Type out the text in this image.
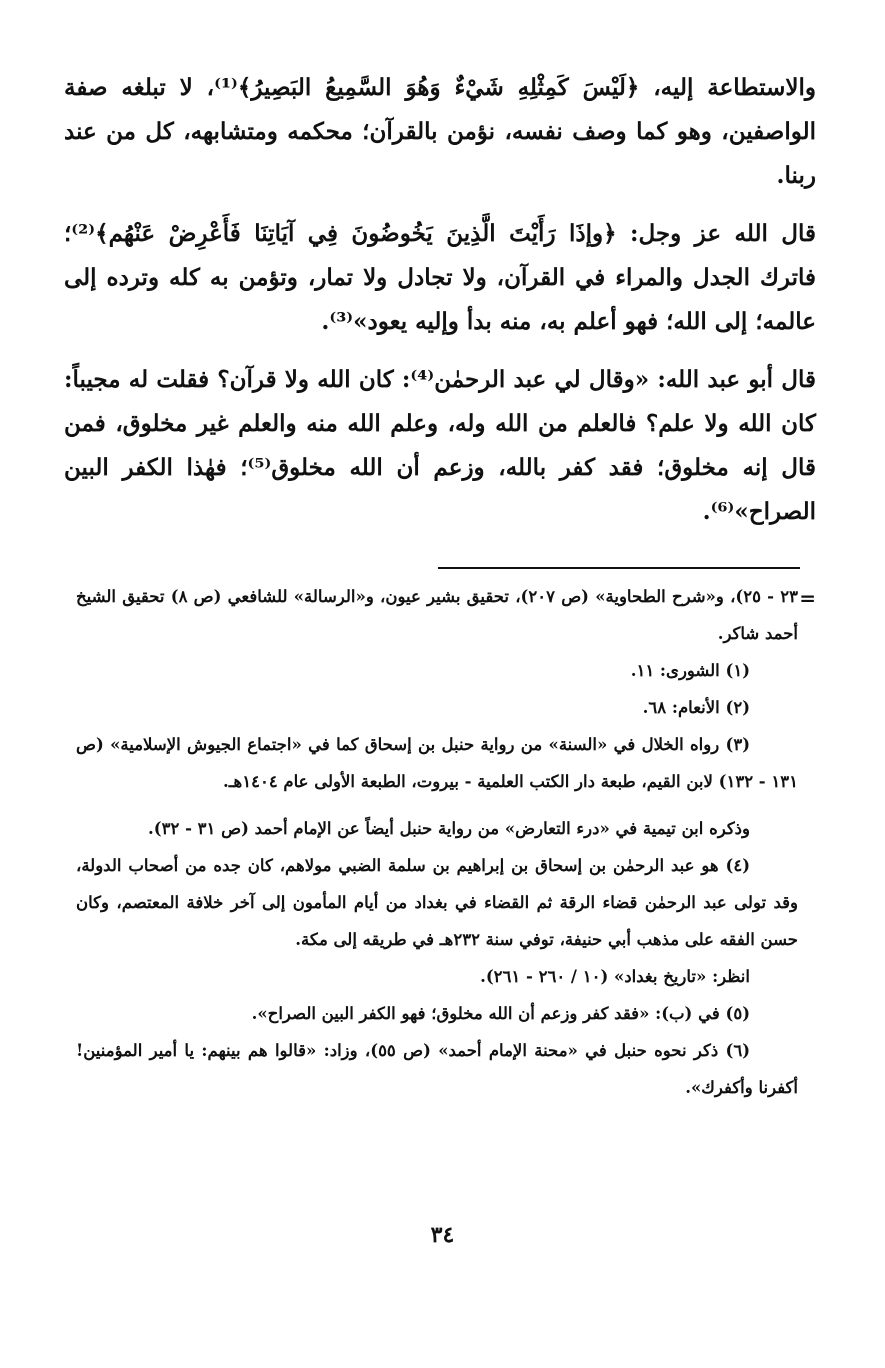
والاستطاعة إليه، ﴿لَيْسَ كَمِثْلِهِ شَيْءٌ وَهُوَ السَّمِيعُ البَصِيرُ﴾⁽¹⁾، لا تبلغه صفة الواصفين، وهو كما وصف نفسه، نؤمن بالقرآن؛ محكمه ومتشابهه، كل من عند ربنا.

قال الله عز وجل: ﴿وإذَا رَأَيْتَ الَّذِينَ يَخُوضُونَ فِي آيَاتِنَا فَأَعْرِضْ عَنْهُم﴾⁽²⁾؛ فاترك الجدل والمراء في القرآن، ولا تجادل ولا تمار، وتؤمن به كله وترده إلى عالمه؛ إلى الله؛ فهو أعلم به، منه بدأ وإليه يعود»⁽³⁾.

قال أبو عبد الله: «وقال لي عبد الرحمٰن⁽⁴⁾: كان الله ولا قرآن؟ فقلت له مجيباً: كان الله ولا علم؟ فالعلم من الله وله، وعلم الله منه والعلم غير مخلوق، فمن قال إنه مخلوق؛ فقد كفر بالله، وزعم أن الله مخلوق⁽⁵⁾؛ فهٰذا الكفر البين الصراح»⁽⁶⁾.

=

٢٣ - ٢٥)، و«شرح الطحاوية» (ص ٢٠٧)، تحقيق بشير عيون، و«الرسالة» للشافعي (ص ٨) تحقيق الشيخ أحمد شاكر.

(١) الشورى: ١١.

(٢) الأنعام: ٦٨.

(٣) رواه الخلال في «السنة» من رواية حنبل بن إسحاق كما في «اجتماع الجيوش الإسلامية» (ص ١٣١ - ١٣٢) لابن القيم، طبعة دار الكتب العلمية - بيروت، الطبعة الأولى عام ١٤٠٤هـ.

وذكره ابن تيمية في «درء التعارض» من رواية حنبل أيضاً عن الإمام أحمد (ص ٣١ - ٣٢).

(٤) هو عبد الرحمٰن بن إسحاق بن إبراهيم بن سلمة الضبي مولاهم، كان جده من أصحاب الدولة، وقد تولى عبد الرحمٰن قضاء الرقة ثم القضاء في بغداد من أيام المأمون إلى آخر خلافة المعتصم، وكان حسن الفقه على مذهب أبي حنيفة، توفي سنة ٢٣٢هـ في طريقه إلى مكة.

انظر: «تاريخ بغداد» (١٠ / ٢٦٠ - ٢٦١).

(٥) في (ب): «فقد كفر وزعم أن الله مخلوق؛ فهو الكفر البين الصراح».

(٦) ذكر نحوه حنبل في «محنة الإمام أحمد» (ص ٥٥)، وزاد: «قالوا هم بينهم: يا أمير المؤمنين! أكفرنا وأكفرك».

٣٤
